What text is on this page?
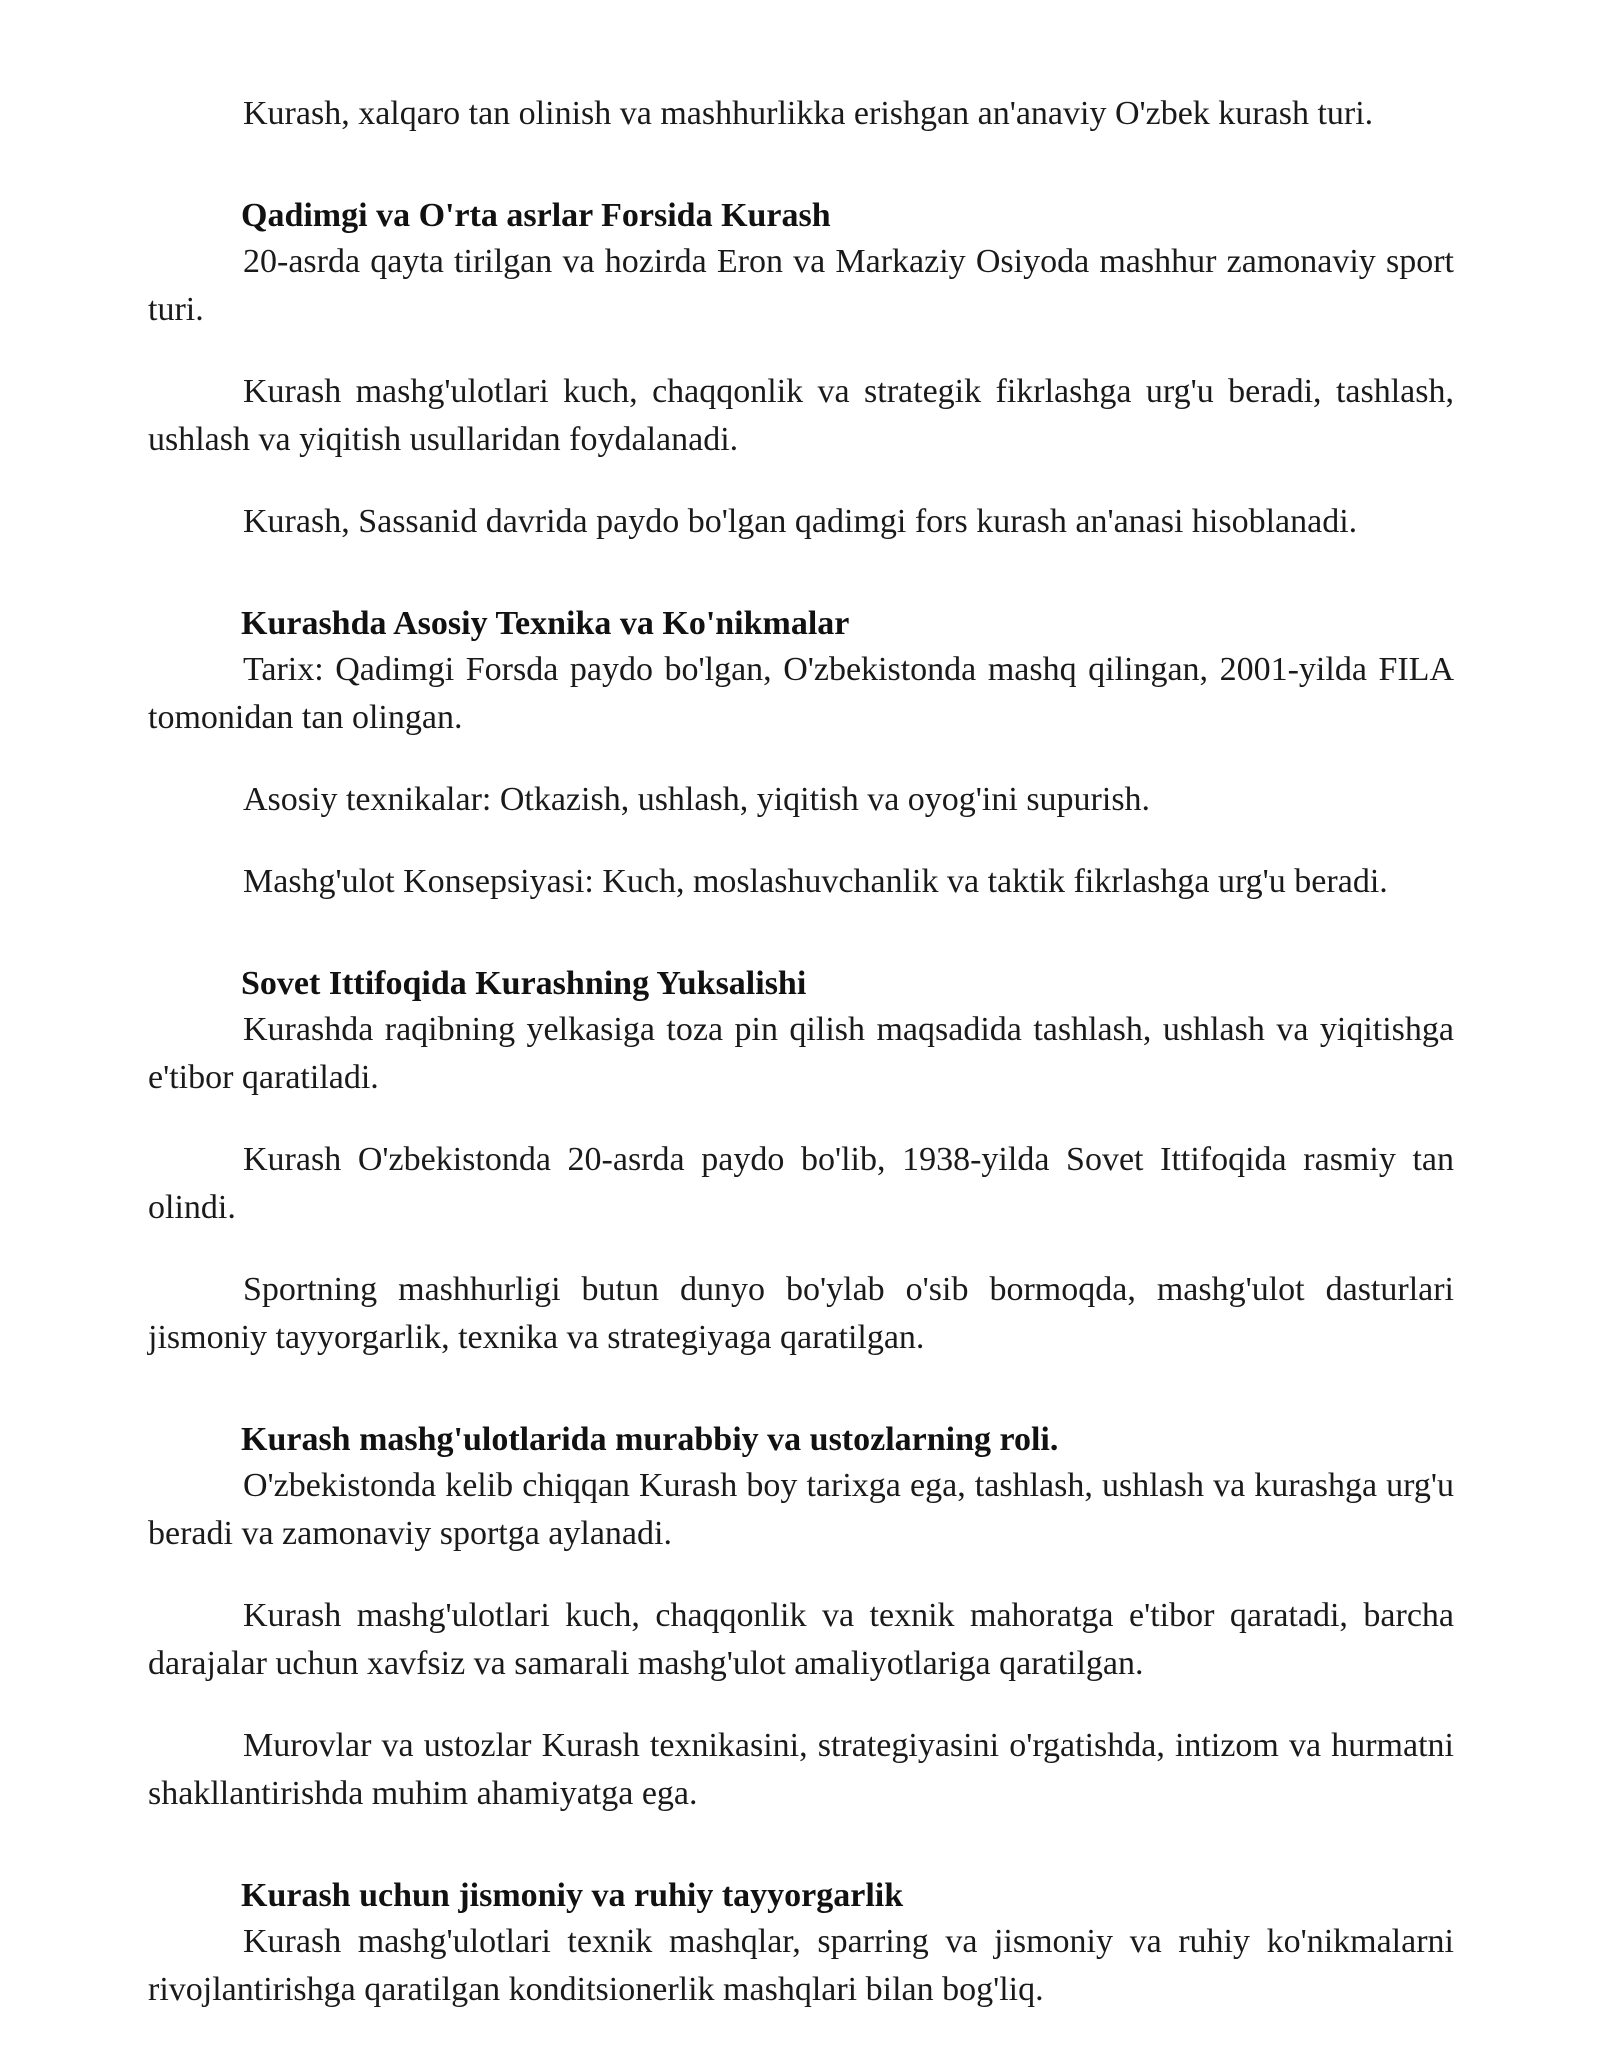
Kurash, xalqaro tan olinish va mashhurlikka erishgan an'anaviy O'zbek kurash turi.

Qadimgi va O'rta asrlar Forsida Kurash

20-asrda qayta tirilgan va hozirda Eron va Markaziy Osiyoda mashhur zamonaviy sport turi.

Kurash mashg'ulotlari kuch, chaqqonlik va strategik fikrlashga urg'u beradi, tashlash, ushlash va yiqitish usullaridan foydalanadi.

Kurash, Sassanid davrida paydo bo'lgan qadimgi fors kurash an'anasi hisoblanadi.

Kurashda Asosiy Texnika va Ko'nikmalar

Tarix: Qadimgi Forsda paydo bo'lgan, O'zbekistonda mashq qilingan, 2001-yilda FILA tomonidan tan olingan.

Asosiy texnikalar: Otkazish, ushlash, yiqitish va oyog'ini supurish.

Mashg'ulot Konsepsiyasi: Kuch, moslashuvchanlik va taktik fikrlashga urg'u beradi.

Sovet Ittifoqida Kurashning Yuksalishi

Kurashda raqibning yelkasiga toza pin qilish maqsadida tashlash, ushlash va yiqitishga e'tibor qaratiladi.

Kurash O'zbekistonda 20-asrda paydo bo'lib, 1938-yilda Sovet Ittifoqida rasmiy tan olindi.

Sportning mashhurligi butun dunyo bo'ylab o'sib bormoqda, mashg'ulot dasturlari jismoniy tayyorgarlik, texnika va strategiyaga qaratilgan.

Kurash mashg'ulotlarida murabbiy va ustozlarning roli.

O'zbekistonda kelib chiqqan Kurash boy tarixga ega, tashlash, ushlash va kurashga urg'u beradi va zamonaviy sportga aylanadi.

Kurash mashg'ulotlari kuch, chaqqonlik va texnik mahoratga e'tibor qaratadi, barcha darajalar uchun xavfsiz va samarali mashg'ulot amaliyotlariga qaratilgan.

Murovlar va ustozlar Kurash texnikasini, strategiyasini o'rgatishda, intizom va hurmatni shakllantirishda muhim ahamiyatga ega.

Kurash uchun jismoniy va ruhiy tayyorgarlik

Kurash mashg'ulotlari texnik mashqlar, sparring va jismoniy va ruhiy ko'nikmalarni rivojlantirishga qaratilgan konditsionerlik mashqlari bilan bog'liq.
